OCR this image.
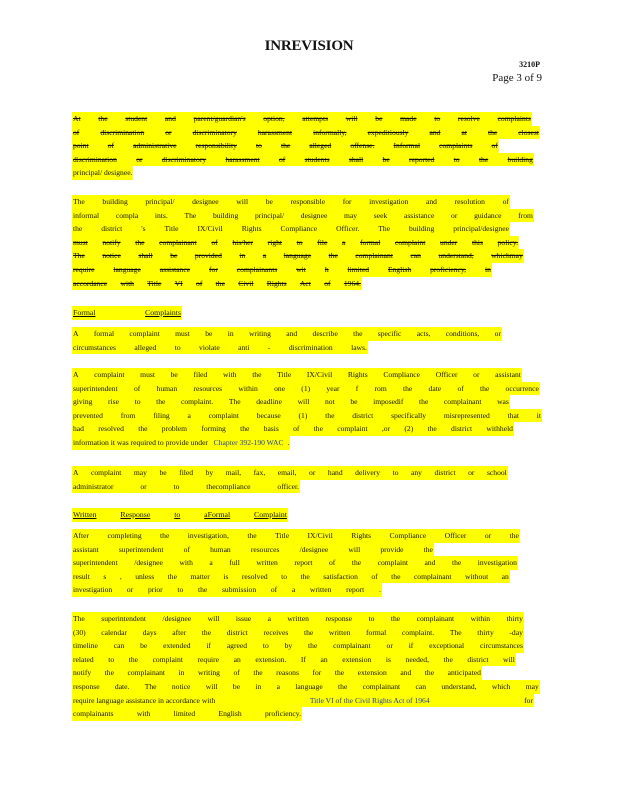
INREVISION
3210P
Page 3 of 9
At the student and parent/guardian's option, attempts will be made to resolve complaints
of	discrimination	or	discriminatory	harassment	informally,	expeditiously	and	at	the	closest
point	of	administrative	responsibility	to	the	alleged	offense.	Informal	complaints	of
discrimination	or	discriminatory	harassment	of	students	shall	be	reported	to	the	building
principal/ designee.
The building principal/ designee will be responsible for investigation and resolution of
informal compla ints. The building principal/ designee may seek assistance or guidance from
the district 's Title IX/Civil Rights Compliance Officer. The building principal/designee
must notify the complainant of his/her right to file a formal complaint under this policy.
The notice shall be provided in a language the complainant can understand, whichmay
require language assistance for complainants wit h limited English proficiency, in
accordance with Title VI of the Civil Rights Act of 1964.
Formal	Complaints
A formal complaint must be in writing and describe the specific acts, conditions, or
circumstances alleged to violate anti - discrimination laws.
A complaint must be filed with the Title IX/Civil Rights Compliance Officer or assistant
superintendent of human resources within one (1) year f rom the date of the occurrence
giving rise to the complaint. The deadline will not be imposedif the complainant was
prevented from filing a complaint because (1) the district specifically misrepresented that it
had resolved the problem forming the basis of the complaint ,or (2) the district withheld
information it was required to provide under Chapter 392-190 WAC .
A complaint may be filed by mail, fax, email, or hand delivery to any district or school
administrator	or	to	thecompliance	officer.
Written	Response	to	aFormal	Complaint
After completing the investigation, the Title IX/Civil Rights Compliance Officer or the
assistant	superintendent	of	human	resources	/designee	will	provide	the
superintendent /designee with a full written report of the complaint and the investigation
result s , unless the matter is resolved to the satisfaction of the complainant without an
investigation or prior to the submission of a written report .
The superintendent /designee will issue a written response to the complainant within thirty
(30) calendar days after the district receives the written formal complaint. The thirty -day
timeline can be extended if agreed to by the complainant or if exceptional circumstances
related to the complaint require an extension. If an extension is needed, the district will
notify the complainant in writing of the reasons for the extension and the anticipated
response date. The notice will be in a language the complainant can understand, which may
require language assistance in accordance with	Title VI of the Civil Rights Act of 1964	for
complainants	with	limited	English	proficiency.
